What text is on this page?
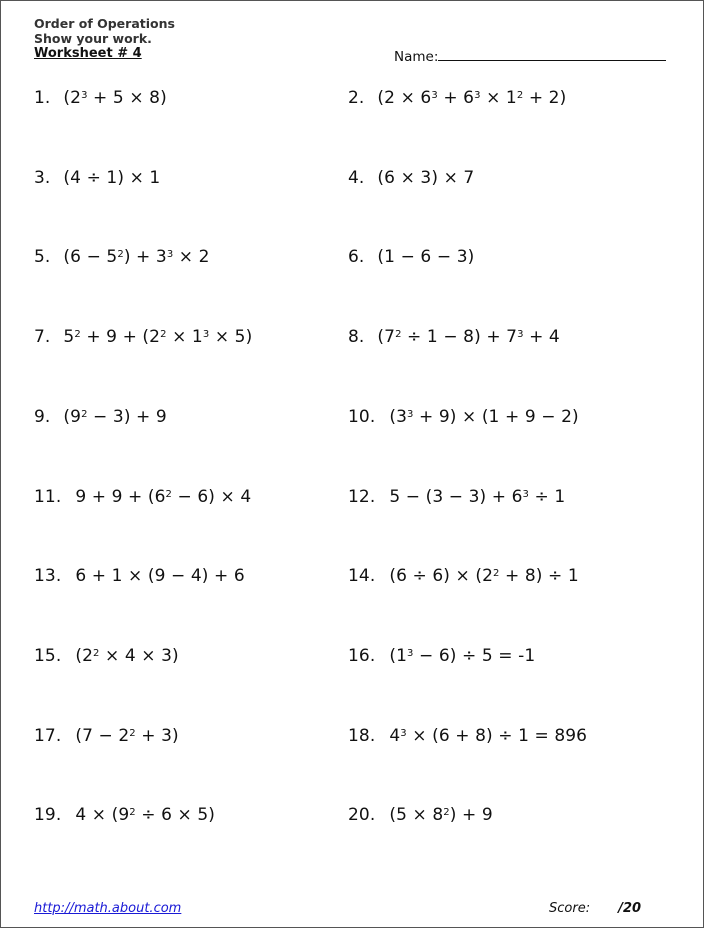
Order of Operations
Show your work.
Worksheet # 4	Name:
1. $(2^3 + 5 \times 8)$	2. $(2 \times 6^3 + 6^3 \times 1^2 + 2)$
3. (4 ÷ 1) × 1	4. (6 × 3) × 7
5. $(6 - 5^2) + 3^3 \times 2$	6. (1 − 6 − 3)
7. $5^2 + 9 + (2^2 \times 1^3 \times 5)$	8. $(7^2 \div 1 - 8) + 7^3 + 4$
9. $(9^2 - 3) + 9$	10. $(3^3 + 9) \times (1 + 9 - 2)$
11. $9 + 9 + (6^2 - 6) \times 4$	12. $5 - (3 - 3) + 6^3 \div 1$
13. 6 + 1 × (9 − 4) + 6	14. $(6 \div 6) \times (2^2 + 8) \div 1$
15. $(2^2 \times 4 \times 3)$	16. $(1^3 - 6) \div 5 = -1$
17. $(7 - 2^2 + 3)$	18. $4^3 \times (6 + 8) \div 1 = 896$
19. $4 \times (9^2 \div 6 \times 5)$	20. $(5 \times 8^2) + 9$
http://math.about.com	Score: /20
